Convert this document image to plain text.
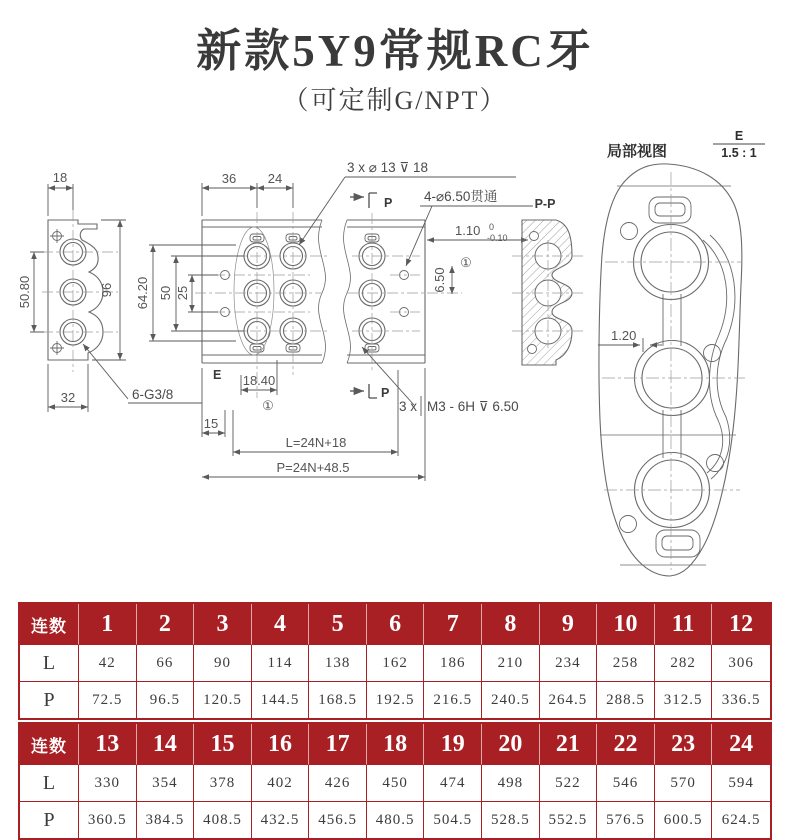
新款5Y9常规RC牙
（可定制G/NPT）
18
50.80	96
32	6-G3/8
36 24
64.20 50 25
3 x ⌀ 13 ⊽ 18
4-⌀6.50贯通
1.10 0
-0.10
6.50
①
P
P
E 18.40
①
15
L=24N+18
P=24N+48.5
3 x M3 - 6H ⊽ 6.50
P-P
局部视图
E
1.5 : 1
1.20
连数	1	2	3	4	5	6	7	8	9	10	11	12
L	42	66	90	114	138	162	186	210	234	258	282	306
P	72.5	96.5	120.5	144.5	168.5	192.5	216.5	240.5	264.5	288.5	312.5	336.5
连数	13	14	15	16	17	18	19	20	21	22	23	24
L	330	354	378	402	426	450	474	498	522	546	570	594
P	360.5	384.5	408.5	432.5	456.5	480.5	504.5	528.5	552.5	576.5	600.5	624.5
